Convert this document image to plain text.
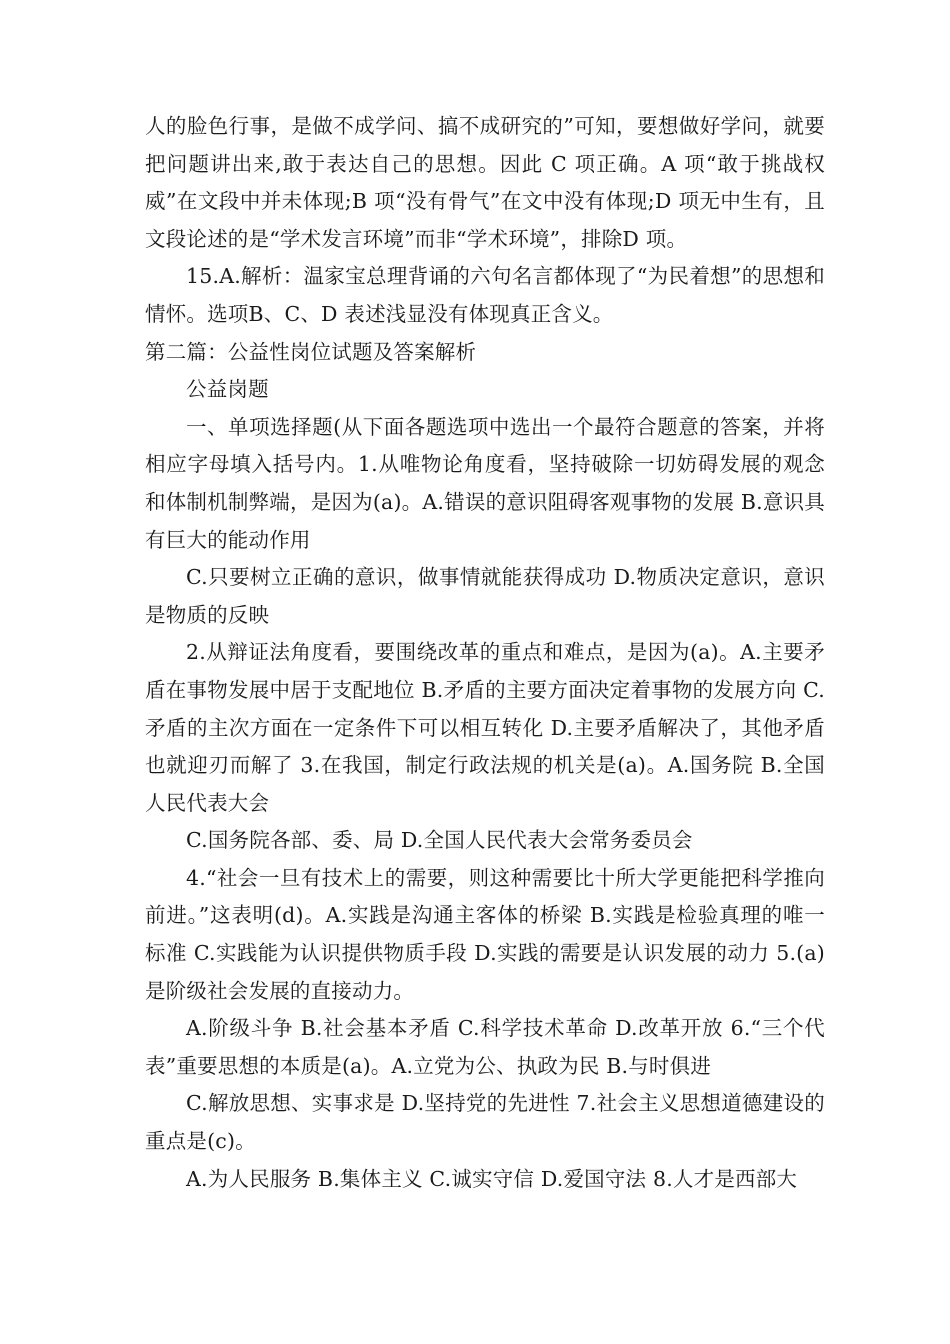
人的脸色行事，是做不成学问、搞不成研究的”可知，要想做好学问，就要把问题讲出来,敢于表达自己的思想。因此 C 项正确。A 项“敢于挑战权威”在文段中并未体现;B 项“没有骨气”在文中没有体现;D 项无中生有，且文段论述的是“学术发言环境”而非“学术环境”，排除D 项。

15.A.解析：温家宝总理背诵的六句名言都体现了“为民着想”的思想和情怀。选项B、C、D 表述浅显没有体现真正含义。

第二篇：公益性岗位试题及答案解析

公益岗题

一、单项选择题(从下面各题选项中选出一个最符合题意的答案，并将相应字母填入括号内。1.从唯物论角度看，坚持破除一切妨碍发展的观念和体制机制弊端，是因为(a)。A.错误的意识阻碍客观事物的发展 B.意识具有巨大的能动作用

C.只要树立正确的意识，做事情就能获得成功 D.物质决定意识，意识是物质的反映

2.从辩证法角度看，要围绕改革的重点和难点，是因为(a)。A.主要矛盾在事物发展中居于支配地位 B.矛盾的主要方面决定着事物的发展方向 C.矛盾的主次方面在一定条件下可以相互转化 D.主要矛盾解决了，其他矛盾也就迎刃而解了 3.在我国，制定行政法规的机关是(a)。A.国务院 B.全国人民代表大会

C.国务院各部、委、局 D.全国人民代表大会常务委员会

4.“社会一旦有技术上的需要，则这种需要比十所大学更能把科学推向前进。”这表明(d)。A.实践是沟通主客体的桥梁 B.实践是检验真理的唯一标准 C.实践能为认识提供物质手段 D.实践的需要是认识发展的动力 5.(a)是阶级社会发展的直接动力。

A.阶级斗争 B.社会基本矛盾 C.科学技术革命 D.改革开放 6.“三个代表”重要思想的本质是(a)。A.立党为公、执政为民 B.与时俱进

C.解放思想、实事求是 D.坚持党的先进性 7.社会主义思想道德建设的重点是(c)。

A.为人民服务 B.集体主义 C.诚实守信 D.爱国守法 8.人才是西部大
